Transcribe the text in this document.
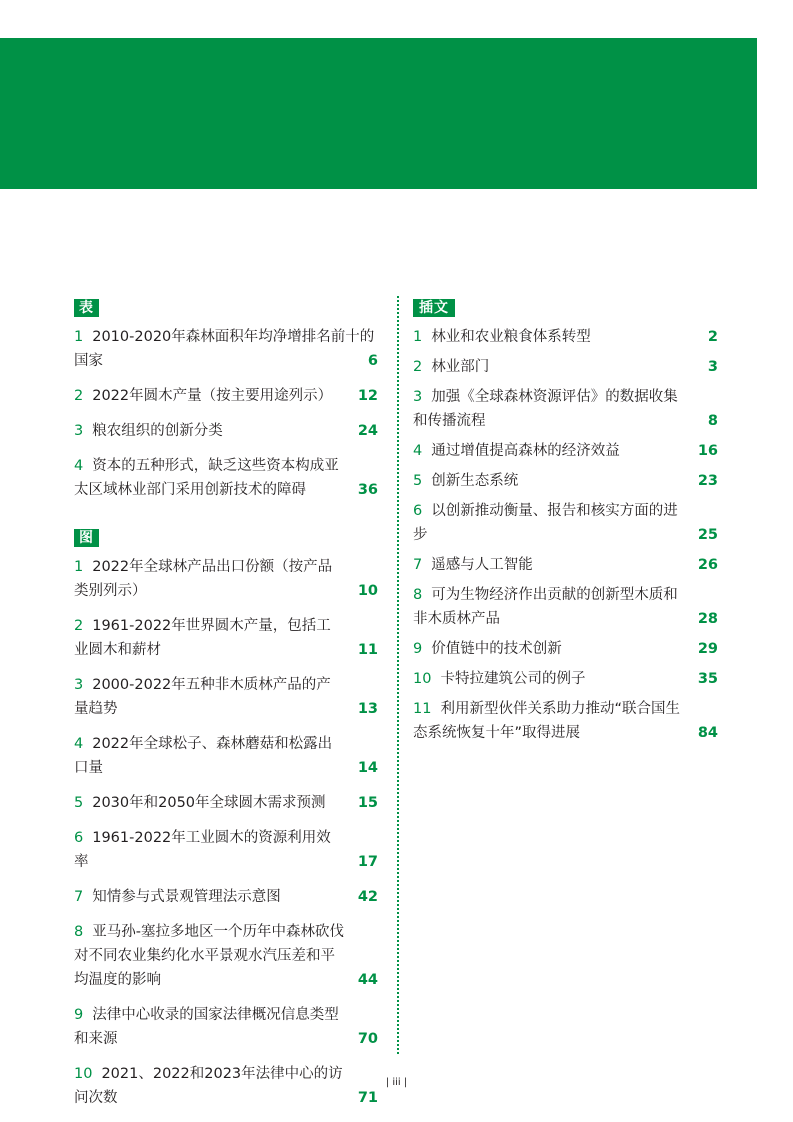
表
1 2010-2020年森林面积年均净增排名前十的国家	6
2 2022年圆木产量（按主要用途列示）	12
3 粮农组织的创新分类	24
4 资本的五种形式，缺乏这些资本构成亚太区域林业部门采用创新技术的障碍	36
图
1 2022年全球林产品出口份额（按产品类别列示）	10
2 1961-2022年世界圆木产量，包括工业圆木和薪材	11
3 2000-2022年五种非木质林产品的产量趋势	13
4 2022年全球松子、森林蘑菇和松露出口量	14
5 2030年和2050年全球圆木需求预测	15
6 1961-2022年工业圆木的资源利用效率	17
7 知情参与式景观管理法示意图	42
8 亚马孙-塞拉多地区一个历年中森林砍伐对不同农业集约化水平景观水汽压差和平均温度的影响	44
9 法律中心收录的国家法律概况信息类型和来源	70
10 2021、2022和2023年法律中心的访问次数	71
插文
1 林业和农业粮食体系转型	2
2 林业部门	3
3 加强《全球森林资源评估》的数据收集和传播流程	8
4 通过增值提高森林的经济效益	16
5 创新生态系统	23
6 以创新推动衡量、报告和核实方面的进步	25
7 遥感与人工智能	26
8 可为生物经济作出贡献的创新型木质和非木质林产品	28
9 价值链中的技术创新	29
10 卡特拉建筑公司的例子	35
11 利用新型伙伴关系助力推动“联合国生态系统恢复十年”取得进展	84
| iii |
